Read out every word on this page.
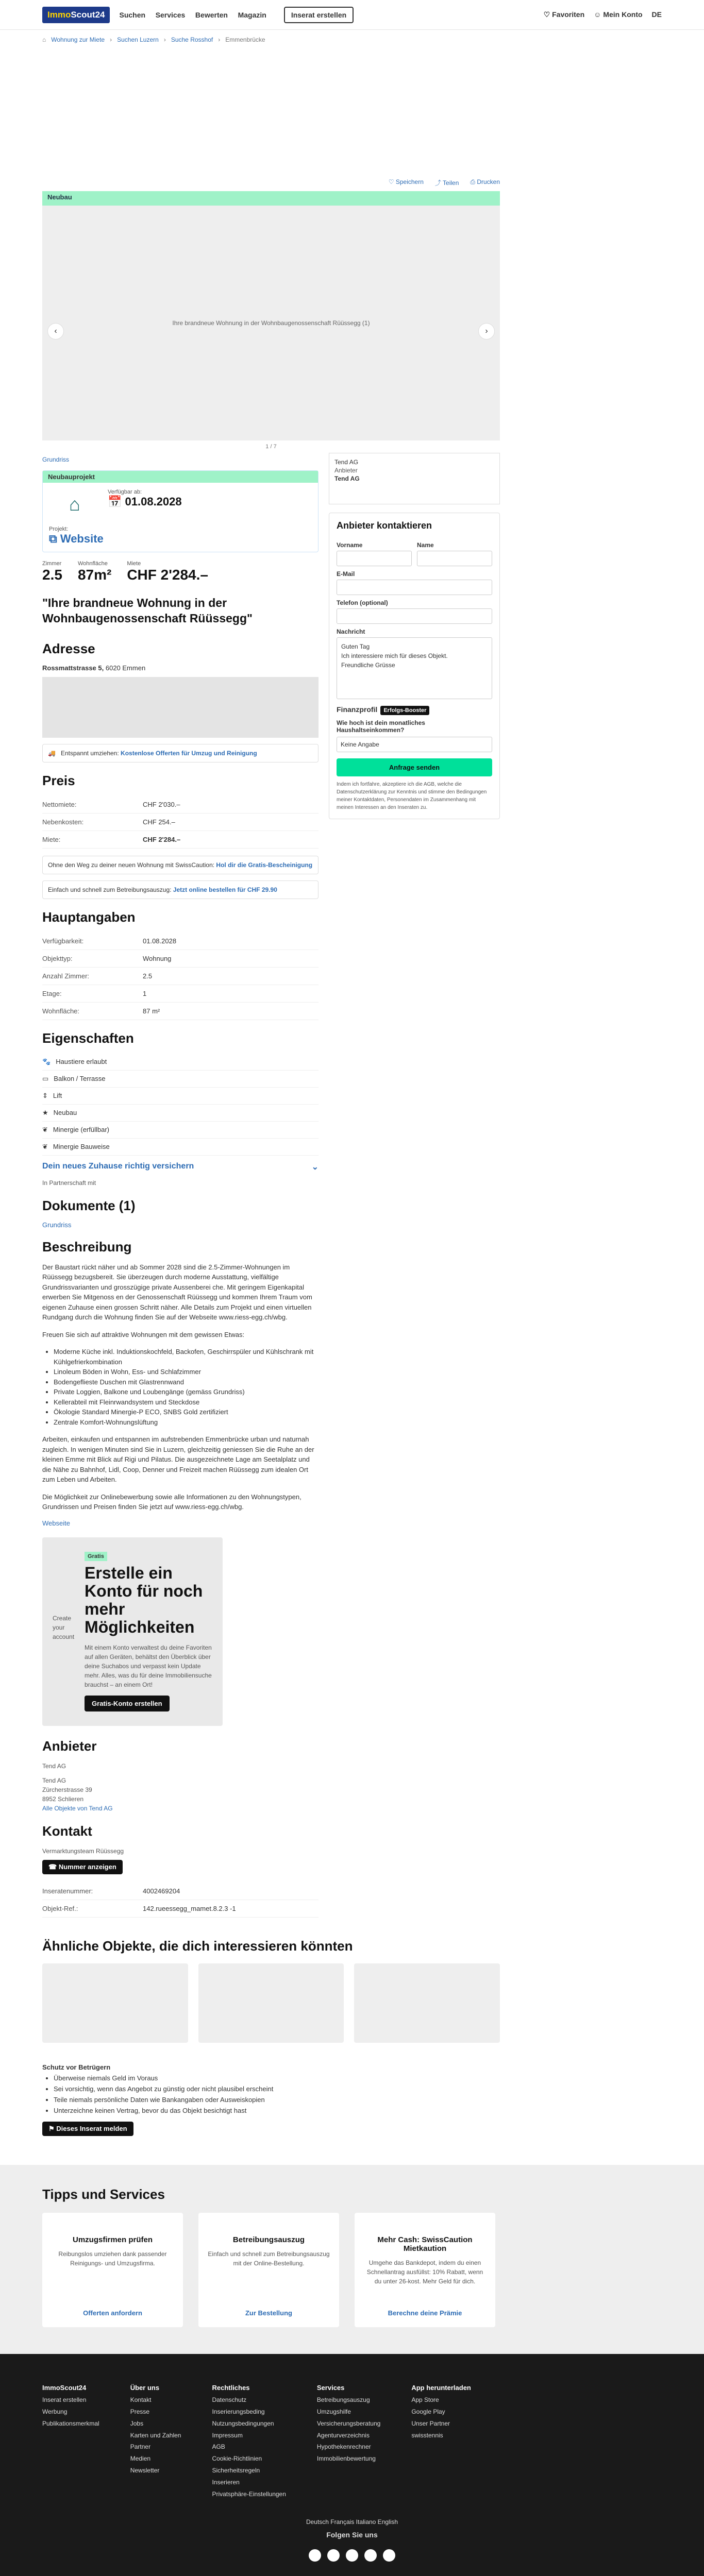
ImmoScout24	Suchen Services Bewerten Magazin	Inserat erstellen	♡ Favoriten ☺ Mein Konto DE
⌂ Wohnung zur Miete › Suchen Luzern › Suche Rosshof › Emmenbrücke
♡ Speichern ⤴ Teilen ⎙ Drucken
Neubau
Ihre brandneue Wohnung in der Wohnbaugenossenschaft Rüüssegg (1)
‹	›
1 / 7
Grundriss
Neubauprojekt
⌂
Verfügbar ab:
📅 01.08.2028
Projekt:
⧉ Website
Zimmer
2.5
Wohnfläche
87m²
Miete
CHF 2'284.–
"Ihre brandneue Wohnung in der Wohnbaugenossenschaft Rüüssegg"
Adresse
Rossmattstrasse 5, 6020 Emmen
🚚 Entspannt umziehen: Kostenlose Offerten für Umzug und Reinigung
Preis
Nettomiete:	CHF 2'030.–
Nebenkosten:	CHF 254.–
Miete:	CHF 2'284.–
Ohne den Weg zu deiner neuen Wohnung mit SwissCaution: Hol dir die Gratis-Bescheinigung
Einfach und schnell zum Betreibungsauszug: Jetzt online bestellen für CHF 29.90
Hauptangaben
Verfügbarkeit:	01.08.2028
Objekttyp:	Wohnung
Anzahl Zimmer:	2.5
Etage:	1
Wohnfläche:	87 m²
Eigenschaften
🐾 Haustiere erlaubt
▭ Balkon / Terrasse
⇕ Lift
★ Neubau
❦ Minergie (erfüllbar)
❦ Minergie Bauweise
Dein neues Zuhause richtig versichern	⌄
In Partnerschaft mit
Dokumente (1)
Grundriss
Beschreibung

Der Baustart rückt näher und ab Sommer 2028 sind die 2.5-Zimmer-Wohnungen im Rüüssegg bezugsbereit. Sie überzeugen durch moderne Ausstattung, vielfältige Grundrissvarianten und grosszügige private Aussenberei che. Mit geringem Eigenkapital erwerben Sie Mitgenoss en der Genossenschaft Rüüssegg und kommen Ihrem Traum vom eigenen Zuhause einen grossen Schritt näher. Alle Details zum Projekt und einen virtuellen Rundgang durch die Wohnung finden Sie auf der Webseite www.riess-egg.ch/wbg.

Freuen Sie sich auf attraktive Wohnungen mit dem gewissen Etwas:

• Moderne Küche inkl. Induktionskochfeld, Backofen, Geschirrspüler und Kühlschrank mit Kühlgefrierkombination
• Linoleum Böden in Wohn, Ess- und Schlafzimmer
• Bodengeflieste Duschen mit Glastrennwand
• Private Loggien, Balkone und Loubengänge (gemäss Grundriss)
• Kellerabteil mit Fleinrwandsystem und Steckdose
• Ökologie Standard Minergie-P ECO, SNBS Gold zertifiziert
• Zentrale Komfort-Wohnungslüftung

Arbeiten, einkaufen und entspannen im aufstrebenden Emmenbrücke urban und naturnah zugleich. In wenigen Minuten sind Sie in Luzern, gleichzeitig geniessen Sie die Ruhe an der kleinen Emme mit Blick auf Rigi und Pilatus. Die ausgezeichnete Lage am Seetalplatz und die Nähe zu Bahnhof, Lidl, Coop, Denner und Freizeit machen Rüüssegg zum idealen Ort zum Leben und Arbeiten.

Die Möglichkeit zur Onlinebewerbung sowie alle Informationen zu den Wohnungstypen, Grundrissen und Preisen finden Sie jetzt auf www.riess-egg.ch/wbg.

Webseite
Create your account
Gratis
Erstelle ein Konto für noch mehr Möglichkeiten
Mit einem Konto verwaltest du deine Favoriten auf allen Geräten, behältst den Überblick über deine Suchabos und verpasst kein Update mehr. Alles, was du für deine Immobiliensuche brauchst – an einem Ort!
Gratis-Konto erstellen
Anbieter
Tend AG
Tend AG
Zürcherstrasse 39
8952 Schlieren
Alle Objekte von Tend AG
Kontakt
Vermarktungsteam Rüüssegg
☎ Nummer anzeigen
Inseratenummer:	4002469204
Objekt-Ref.:	142.rueessegg_mamet.8.2.3 -1
Tend AG
Anbieter
Tend AG
Anbieter kontaktieren
Vorname	Name
E-Mail
Telefon (optional)
Nachricht
Guten Tag
Ich interessiere mich für dieses Objekt.
Freundliche Grüsse
Finanzprofil Erfolgs-Booster
Wie hoch ist dein monatliches Haushaltseinkommen?
Keine Angabe
Anfrage senden
Indem ich fortfahre, akzeptiere ich die AGB, welche die Datenschutzerklärung zur Kenntnis und stimme den Bedingungen meiner Kontaktdaten, Personendaten im Zusammenhang mit meinen Interessen an den Inseraten zu.
Ähnliche Objekte, die dich interessieren könnten
Schutz vor Betrügern
• Überweise niemals Geld im Voraus
• Sei vorsichtig, wenn das Angebot zu günstig oder nicht plausibel erscheint
• Teile niemals persönliche Daten wie Bankangaben oder Ausweiskopien
• Unterzeichne keinen Vertrag, bevor du das Objekt besichtigt hast
⚑ Dieses Inserat melden
Tipps und Services
Umzugsfirmen prüfen
Reibungslos umziehen dank passender Reinigungs- und Umzugsfirma.
Offerten anfordern
Betreibungsauszug
Einfach und schnell zum Betreibungsauszug mit der Online-Bestellung.
Zur Bestellung
Mehr Cash: SwissCaution Mietkaution
Umgehe das Bankdepot, indem du einen Schnellantrag ausfüllst: 10% Rabatt, wenn du unter 26-kost. Mehr Geld für dich.
Berechne deine Prämie
ImmoScout24
Inserat erstellen
Werbung
Publikationsmerkmal
Über uns
Kontakt
Presse
Jobs
Karten und Zahlen
Partner
Medien
Newsletter
Rechtliches
Datenschutz
Inserierungsbeding
Nutzungsbedingungen
Impressum
AGB
Cookie-Richtlinien
Sicherheitsregeln
Inserieren
Privatsphäre-Einstellungen
Services
Betreibungsauszug
Umzugshilfe
Versicherungsberatung
Agenturverzeichnis
Hypothekenrechner
Immobilienbewertung
App herunterladen
App Store
Google Play
Unser Partner
swisstennis
Deutsch Français Italiano English
Folgen Sie uns
